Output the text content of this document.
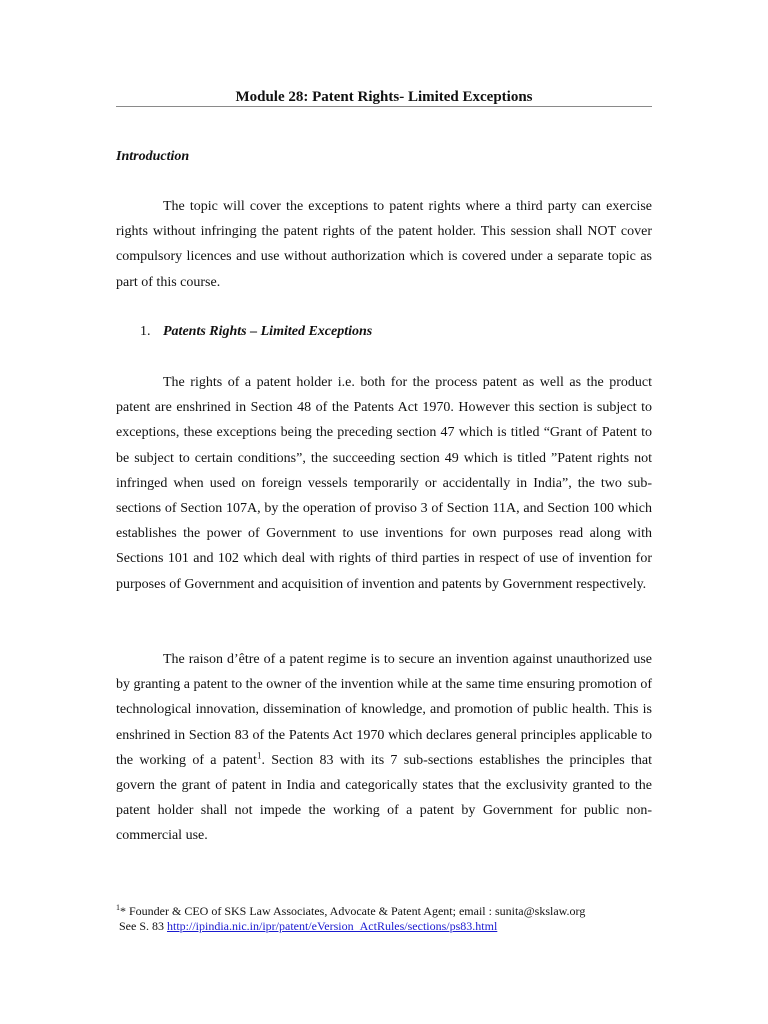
Module 28: Patent Rights- Limited Exceptions
Introduction

The topic will cover the exceptions to patent rights where a third party can exercise rights without infringing the patent rights of the patent holder. This session shall NOT cover compulsory licences and use without authorization which is covered under a separate topic as part of this course.

1. Patents Rights – Limited Exceptions

The rights of a patent holder i.e. both for the process patent as well as the product patent are enshrined in Section 48 of the Patents Act 1970. However this section is subject to exceptions, these exceptions being the preceding section 47 which is titled “Grant of Patent to be subject to certain conditions”, the succeeding section 49 which is titled ”Patent rights not infringed when used on foreign vessels temporarily or accidentally in India”, the two sub-sections of Section 107A, by the operation of proviso 3 of Section 11A, and Section 100 which establishes the power of Government to use inventions for own purposes read along with Sections 101 and 102 which deal with rights of third parties in respect of use of invention for purposes of Government and acquisition of invention and patents by Government respectively.

The raison d’être of a patent regime is to secure an invention against unauthorized use by granting a patent to the owner of the invention while at the same time ensuring promotion of technological innovation, dissemination of knowledge, and promotion of public health. This is enshrined in Section 83 of the Patents Act 1970 which declares general principles applicable to the working of a patent$^1$. Section 83 with its 7 sub-sections establishes the principles that govern the grant of patent in India and categorically states that the exclusivity granted to the patent holder shall not impede the working of a patent by Government for public non-commercial use.

$^1$* Founder & CEO of SKS Law Associates, Advocate & Patent Agent; email : sunita@skslaw.org
See S. 83 http://ipindia.nic.in/ipr/patent/eVersion_ActRules/sections/ps83.html
